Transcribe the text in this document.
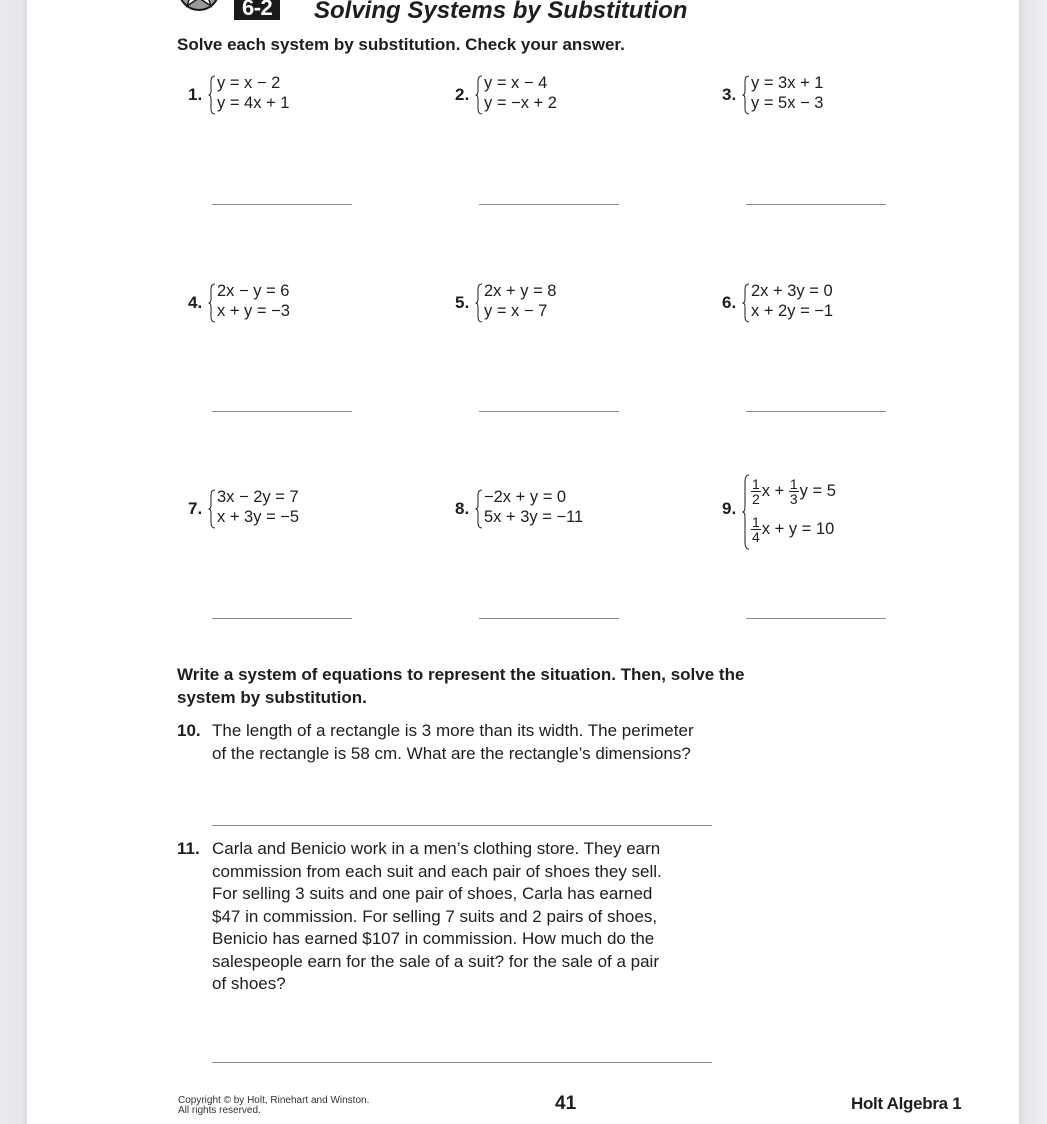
6-2	Solving Systems by Substitution
Solve each system by substitution. Check your answer.
1.
y = x − 2
y = 4x + 1	2.
y = x − 4
y = −x + 2	3.
y = 3x + 1
y = 5x − 3
4.
2x − y = 6
x + y = −3	5.
2x + y = 8
y = x − 7	6.
2x + 3y = 0
x + 2y = −1
7.
3x − 2y = 7
x + 3y = −5	8.
−2x + y = 0
5x + 3y = −11	9.
$\frac{1}{2}$ $x + \frac{1}{3}$ y = 5
$\frac{1}{4}$ x + y = 10
Write a system of equations to represent the situation. Then, solve the system by substitution.
10. The length of a rectangle is 3 more than its width. The perimeter
of the rectangle is 58 cm. What are the rectangle’s dimensions?
11. Carla and Benicio work in a men’s clothing store. They earn
commission from each suit and each pair of shoes they sell.
For selling 3 suits and one pair of shoes, Carla has earned
$47 in commission. For selling 7 suits and 2 pairs of shoes,
Benicio has earned $107 in commission. How much do the
salespeople earn for the sale of a suit? for the sale of a pair
of shoes?
Copyright © by Holt, Rinehart and Winston.
All rights reserved.	41	Holt Algebra 1
